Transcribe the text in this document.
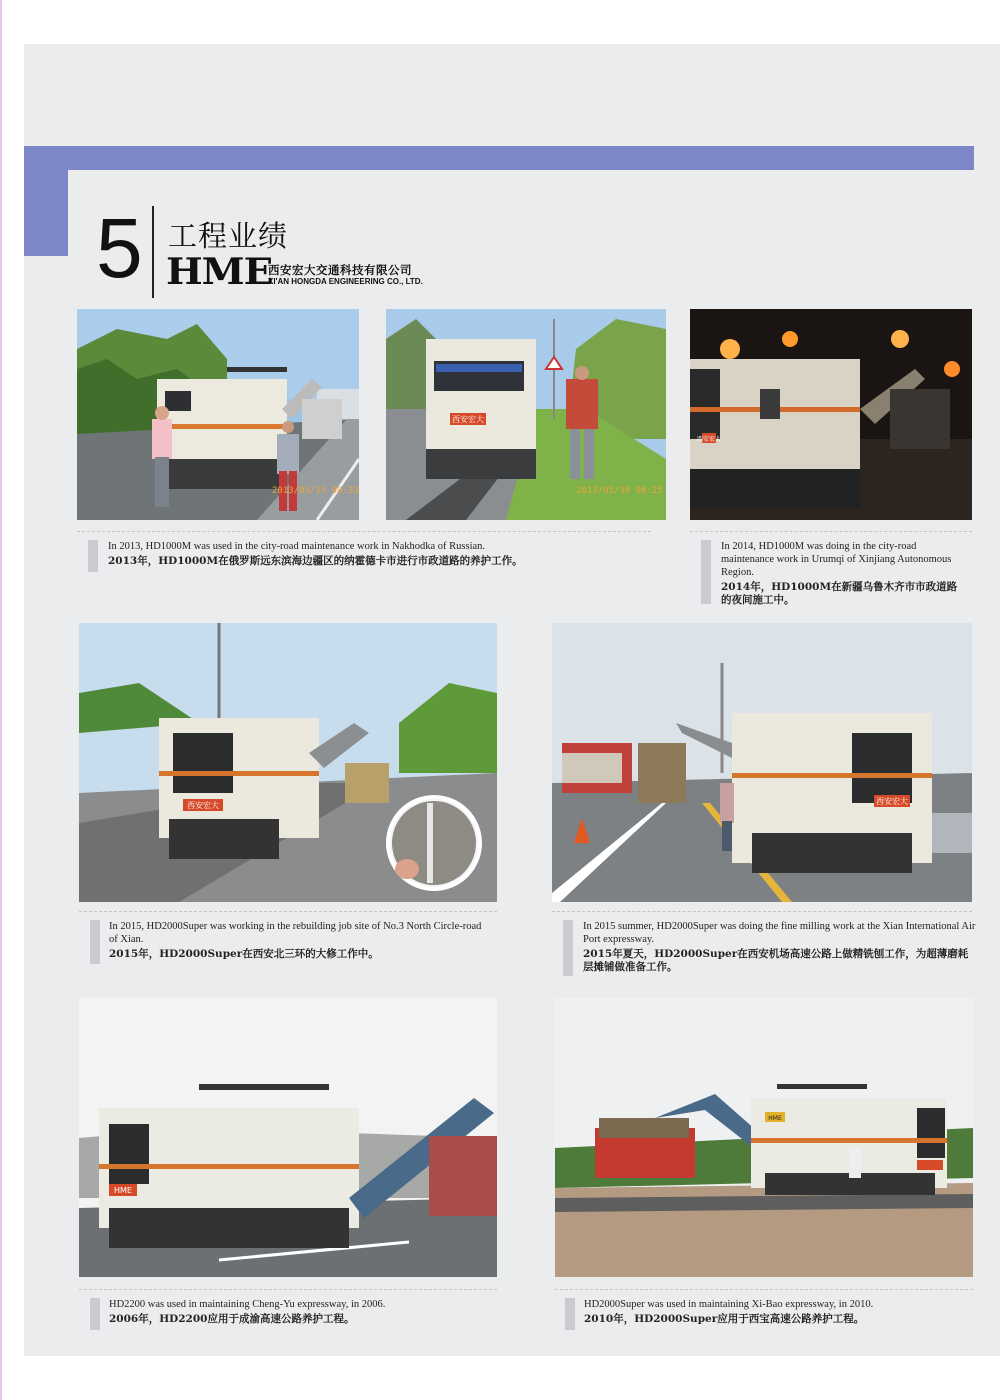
5 工程业绩
HME
西安宏大交通科技有限公司
XI'AN HONGDA ENGINEERING CO., LTD.
2013/05/15 08:33
西安宏大
2013/05/30 08:25
西安宏大
In 2013, HD1000M was used in the city-road maintenance work in Nakhodka of Russian.
2013年，HD1000M在俄罗斯远东滨海边疆区的纳霍德卡市进行市政道路的养护工作。
In 2014, HD1000M was doing in the city-road maintenance work in Urumqi of Xinjiang Autonomous Region.
2014年，HD1000M在新疆乌鲁木齐市市政道路的夜间施工中。
西安宏大	西安宏大
In 2015, HD2000Super was working in the rebuilding job site of No.3 North Circle-road of Xian.
2015年，HD2000Super在西安北三环的大修工作中。
In 2015 summer, HD2000Super was doing the fine milling work at the Xian International Air Port expressway.
2015年夏天，HD2000Super在西安机场高速公路上做精铣刨工作，为超薄磨耗层摊铺做准备工作。
HME
HME
HD2200 was used in maintaining Cheng-Yu expressway, in 2006.
2006年，HD2200应用于成渝高速公路养护工程。
HD2000Super was used in maintaining Xi-Bao expressway, in 2010.
2010年，HD2000Super应用于西宝高速公路养护工程。
